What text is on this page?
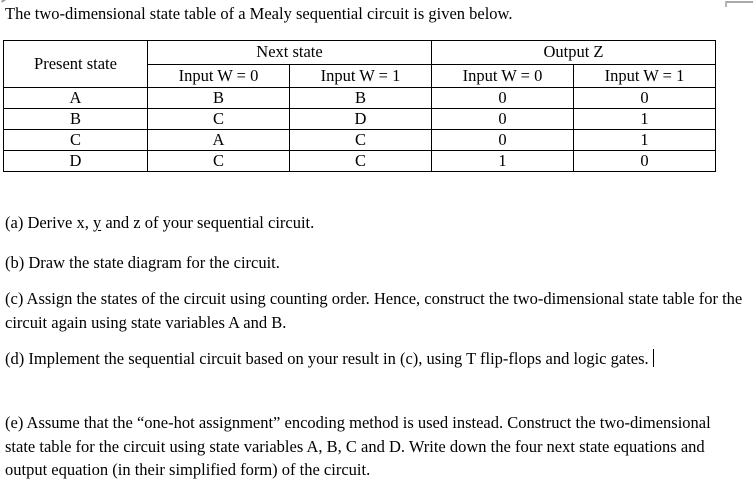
The two-dimensional state table of a Mealy sequential circuit is given below.

Present state	Next state		Output Z	
	Input W = 0	Input W = 1	Input W = 0	Input W = 1
A	B	B	0	0
B	C	D	0	1
C	A	C	0	1
D	C	C	1	0

(a) Derive x, y and z of your sequential circuit.

(b) Draw the state diagram for the circuit.

(c) Assign the states of the circuit using counting order. Hence, construct the two-dimensional state table for the circuit again using state variables A and B.

(d) Implement the sequential circuit based on your result in (c), using T flip-flops and logic gates.

(e) Assume that the “one-hot assignment” encoding method is used instead. Construct the two-dimensional state table for the circuit using state variables A, B, C and D. Write down the four next state equations and output equation (in their simplified form) of the circuit.
